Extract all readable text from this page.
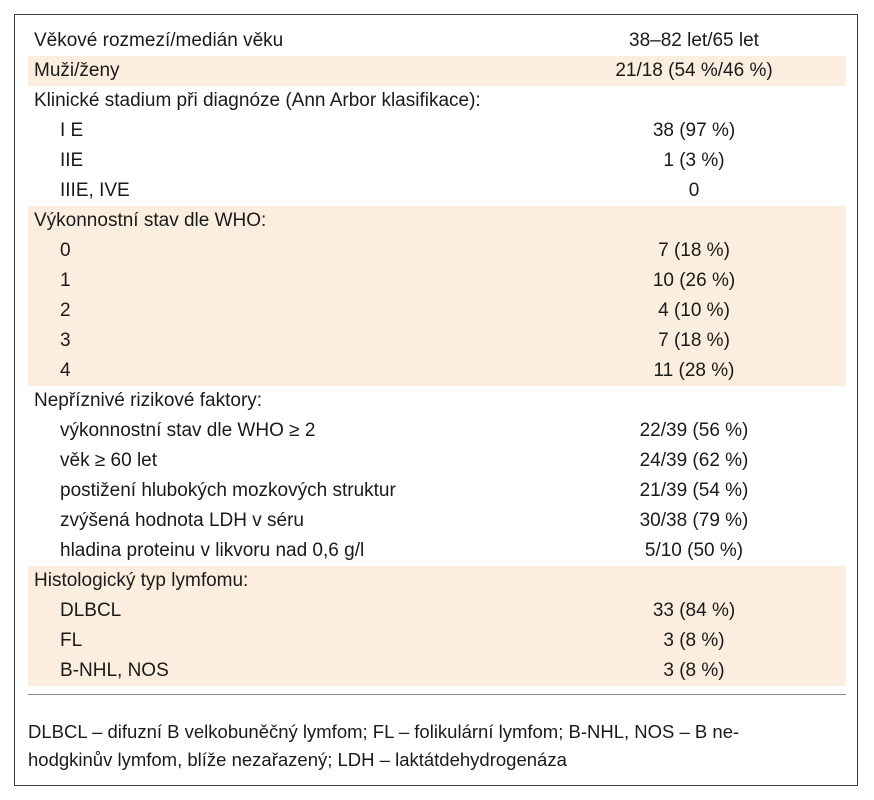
Věkové rozmezí/medián věku	38–82 let/65 let
Muži/ženy	21/18 (54 %/46 %)
Klinické stadium při diagnóze (Ann Arbor klasifikace):
I E	38 (97 %)
IIE	1 (3 %)
IIIE, IVE	0
Výkonnostní stav dle WHO:
0	7 (18 %)
1	10 (26 %)
2	4 (10 %)
3	7 (18 %)
4	11 (28 %)
Nepříznivé rizikové faktory:
výkonnostní stav dle WHO ≥ 2	22/39 (56 %)
věk ≥ 60 let	24/39 (62 %)
postižení hlubokých mozkových struktur	21/39 (54 %)
zvýšená hodnota LDH v séru	30/38 (79 %)
hladina proteinu v likvoru nad 0,6 g/l	5/10 (50 %)
Histologický typ lymfomu:
DLBCL	33 (84 %)
FL	3 (8 %)
B-NHL, NOS	3 (8 %)
DLBCL – difuzní B velkobuněčný lymfom; FL – folikulární lymfom; B-NHL, NOS – B ne-
hodgkinův lymfom, blíže nezařazený; LDH – laktátdehydrogenáza
